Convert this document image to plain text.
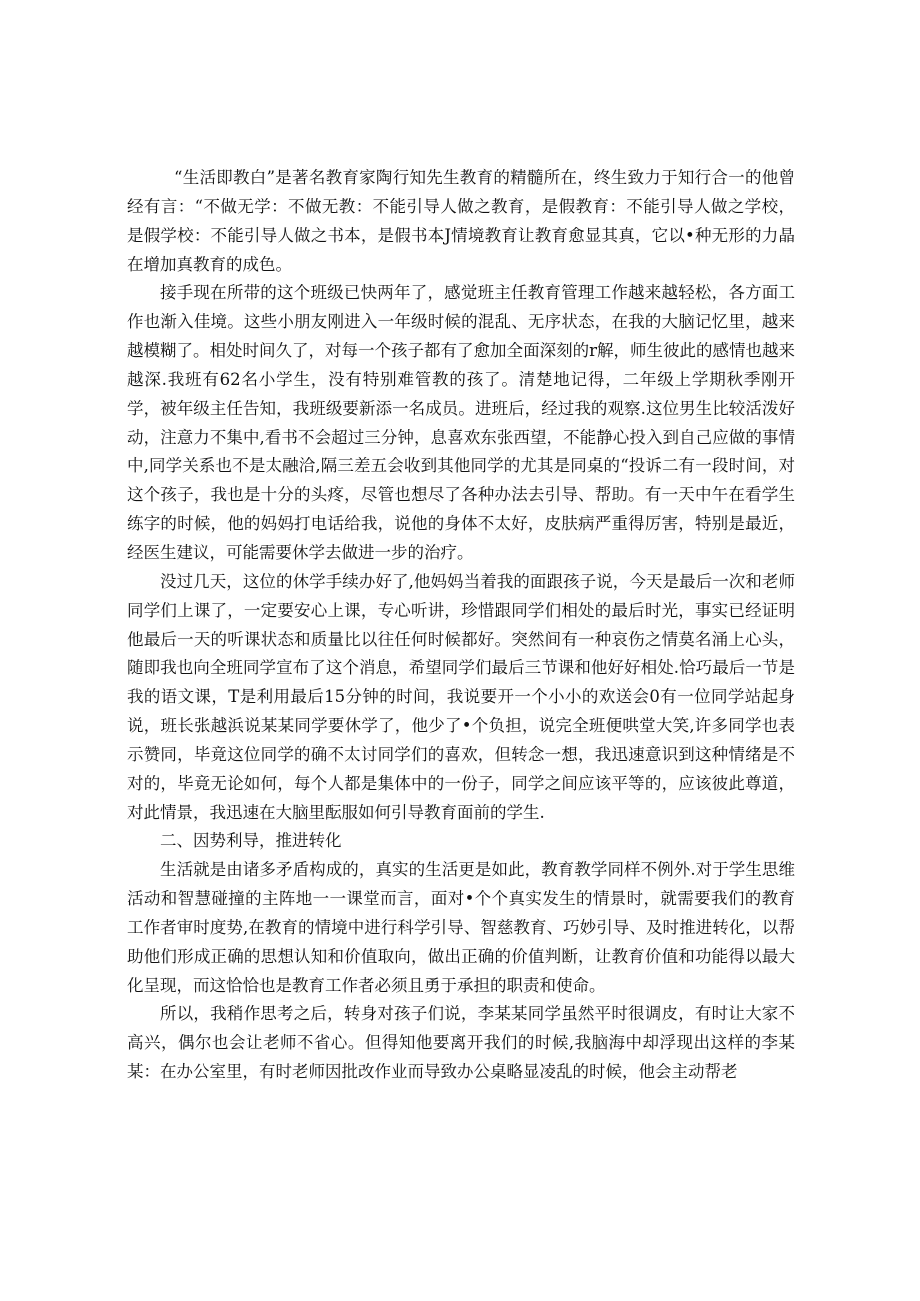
“生活即教白”是著名教育家陶行知先生教育的精髓所在，终生致力于知行合一的他曾经有言：“不做无学：不做无教：不能引导人做之教育，是假教育：不能引导人做之学校，是假学校：不能引导人做之书本，是假书本J情境教育让教育愈显其真，它以•种无形的力晶在增加真教育的成色。

接手现在所带的这个班级已快两年了，感觉班主任教育管理工作越来越轻松，各方面工作也渐入佳境。这些小朋友刚进入一年级时候的混乱、无序状态，在我的大脑记忆里，越来越模糊了。相处时间久了，对每一个孩子都有了愈加全面深刻的r解，师生彼此的感情也越来越深.我班有62名小学生，没有特别难管教的孩了。清楚地记得，二年级上学期秋季刚开学，被年级主任告知，我班级要新添一名成员。进班后，经过我的观察.这位男生比较活泼好动，注意力不集中,看书不会超过三分钟，息喜欢东张西望，不能静心投入到自己应做的事情中,同学关系也不是太融洽,隔三差五会收到其他同学的尤其是同桌的“投诉二有一段时间，对这个孩子，我也是十分的头疼，尽管也想尽了各种办法去引导、帮助。有一天中午在看学生练字的时候，他的妈妈打电话给我，说他的身体不太好，皮肤病严重得厉害，特别是最近，经医生建议，可能需要休学去做进一步的治疗。

没过几天，这位的休学手续办好了,他妈妈当着我的面跟孩子说，今天是最后一次和老师同学们上课了，一定要安心上课，专心听讲，珍惜跟同学们相处的最后时光，事实已经证明他最后一天的听课状态和质量比以往任何时候都好。突然间有一种哀伤之情莫名涌上心头，随即我也向全班同学宣布了这个消息，希望同学们最后三节课和他好好相处.恰巧最后一节是我的语文课，T是利用最后15分钟的时间，我说要开一个小小的欢送会0有一位同学站起身说，班长张越浜说某某同学要休学了，他少了•个负担，说完全班便哄堂大笑,许多同学也表示赞同，毕竟这位同学的确不太讨同学们的喜欢，但转念一想，我迅速意识到这种情绪是不对的，毕竟无论如何，每个人都是集体中的一份子，同学之间应该平等的，应该彼此尊道，对此情景，我迅速在大脑里酝服如何引导教育面前的学生.

二、因势利导，推进转化

生活就是由诸多矛盾构成的，真实的生活更是如此，教育教学同样不例外.对于学生思维活动和智慧碰撞的主阵地一一课堂而言，面对•个个真实发生的情景时，就需要我们的教育工作者审时度势,在教育的情境中进行科学引导、智慈教育、巧妙引导、及时推进转化，以帮助他们形成正确的思想认知和价值取向，做出正确的价值判断，让教育价值和功能得以最大化呈现，而这恰恰也是教育工作者必须且勇于承担的职责和使命。

所以，我稍作思考之后，转身对孩子们说，李某某同学虽然平时很调皮，有时让大家不高兴，偶尔也会让老师不省心。但得知他要离开我们的时候,我脑海中却浮现出这样的李某某：在办公室里，有时老师因批改作业而导致办公桌略显凌乱的时候，他会主动帮老
